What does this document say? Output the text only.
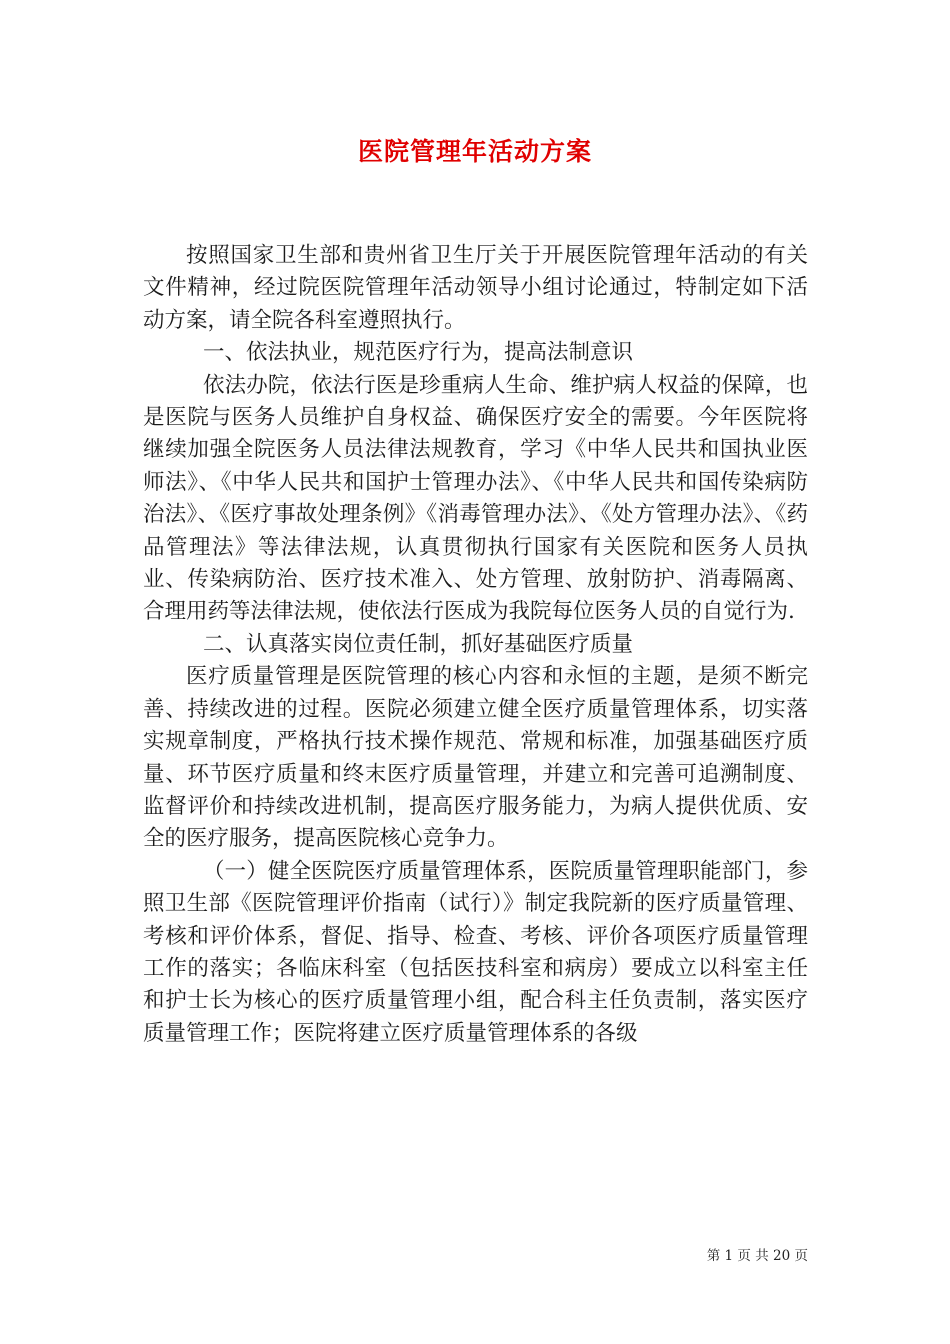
医院管理年活动方案

按照国家卫生部和贵州省卫生厅关于开展医院管理年活动的有关文件精神，经过院医院管理年活动领导小组讨论通过，特制定如下活动方案，请全院各科室遵照执行。

一、依法执业，规范医疗行为，提高法制意识

依法办院，依法行医是珍重病人生命、维护病人权益的保障，也是医院与医务人员维护自身权益、确保医疗安全的需要。今年医院将继续加强全院医务人员法律法规教育，学习《中华人民共和国执业医师法》、《中华人民共和国护士管理办法》、《中华人民共和国传染病防治法》、《医疗事故处理条例》《消毒管理办法》、《处方管理办法》、《药品管理法》等法律法规，认真贯彻执行国家有关医院和医务人员执业、传染病防治、医疗技术准入、处方管理、放射防护、消毒隔离、合理用药等法律法规，使依法行医成为我院每位医务人员的自觉行为.

二、认真落实岗位责任制，抓好基础医疗质量

医疗质量管理是医院管理的核心内容和永恒的主题，是须不断完善、持续改进的过程。医院必须建立健全医疗质量管理体系，切实落实规章制度，严格执行技术操作规范、常规和标准，加强基础医疗质量、环节医疗质量和终末医疗质量管理，并建立和完善可追溯制度、监督评价和持续改进机制，提高医疗服务能力，为病人提供优质、安全的医疗服务，提高医院核心竞争力。

（一）健全医院医疗质量管理体系，医院质量管理职能部门，参照卫生部《医院管理评价指南（试行）》制定我院新的医疗质量管理、考核和评价体系，督促、指导、检查、考核、评价各项医疗质量管理工作的落实；各临床科室（包括医技科室和病房）要成立以科室主任和护士长为核心的医疗质量管理小组，配合科主任负责制，落实医疗质量管理工作；医院将建立医疗质量管理体系的各级

第 1 页 共 20 页
